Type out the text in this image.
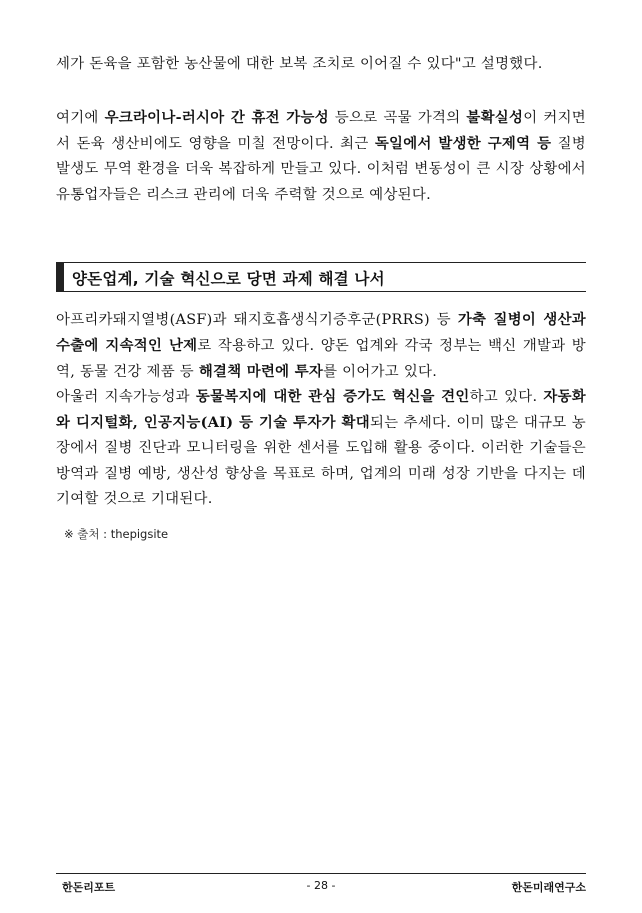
세가 돈육을 포함한 농산물에 대한 보복 조치로 이어질 수 있다"고 설명했다.

여기에 우크라이나-러시아 간 휴전 가능성 등으로 곡물 가격의 불확실성이 커지면서 돈육 생산비에도 영향을 미칠 전망이다. 최근 독일에서 발생한 구제역 등 질병 발생도 무역 환경을 더욱 복잡하게 만들고 있다. 이처럼 변동성이 큰 시장 상황에서 유통업자들은 리스크 관리에 더욱 주력할 것으로 예상된다.

양돈업계, 기술 혁신으로 당면 과제 해결 나서

아프리카돼지열병(ASF)과 돼지호흡생식기증후군(PRRS) 등 가축 질병이 생산과 수출에 지속적인 난제로 작용하고 있다. 양돈 업계와 각국 정부는 백신 개발과 방역, 동물 건강 제품 등 해결책 마련에 투자를 이어가고 있다.

아울러 지속가능성과 동물복지에 대한 관심 증가도 혁신을 견인하고 있다. 자동화와 디지털화, 인공지능(AI) 등 기술 투자가 확대되는 추세다. 이미 많은 대규모 농장에서 질병 진단과 모니터링을 위한 센서를 도입해 활용 중이다. 이러한 기술들은 방역과 질병 예방, 생산성 향상을 목표로 하며, 업계의 미래 성장 기반을 다지는 데 기여할 것으로 기대된다.

※ 출처 : thepigsite
한돈리포트	- 28 -	한돈미래연구소
